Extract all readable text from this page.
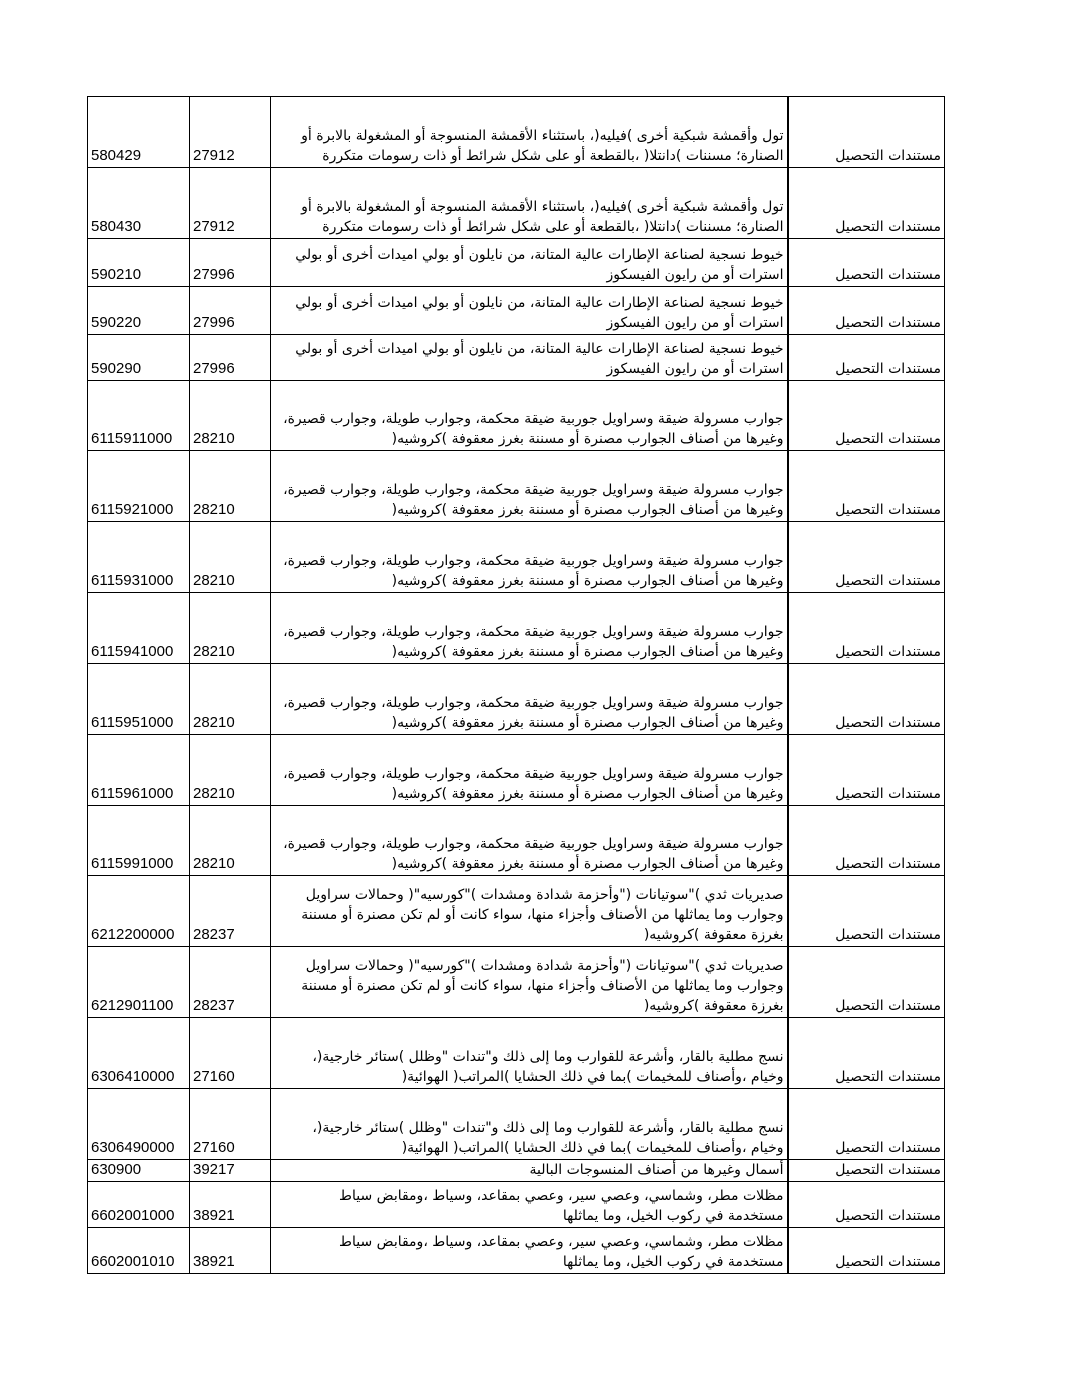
580429	27912	تول وأقمشة شبكية أخرى )فيليه(، باستثناء الأقمشة المنسوجة أو المشغولة بالابرة أو
الصنارة؛ مسننات )دانتلا( ،بالقطعة أو على شكل شرائط أو ذات رسومات متكررة	مستندات التحصيل
580430	27912	تول وأقمشة شبكية أخرى )فيليه(، باستثناء الأقمشة المنسوجة أو المشغولة بالابرة أو
الصنارة؛ مسننات )دانتلا( ،بالقطعة أو على شكل شرائط أو ذات رسومات متكررة	مستندات التحصيل
590210	27996	خيوط نسجية لصناعة الإطارات عالية المتانة، من نايلون أو بولي اميدات أخرى أو بولي
استرات أو من رايون الفيسكوز	مستندات التحصيل
590220	27996	خيوط نسجية لصناعة الإطارات عالية المتانة، من نايلون أو بولي اميدات أخرى أو بولي
استرات أو من رايون الفيسكوز	مستندات التحصيل
590290	27996	خيوط نسجية لصناعة الإطارات عالية المتانة، من نايلون أو بولي اميدات أخرى أو بولي
استرات أو من رايون الفيسكوز	مستندات التحصيل
6115911000	28210	جوارب مسرولة ضيقة وسراويل جوربية ضيقة محكمة، وجوارب طويلة، وجوارب قصيرة،
وغيرها من أصناف الجوارب مصنرة أو مسننة بغرز معقوفة )كروشيه(	مستندات التحصيل
6115921000	28210	جوارب مسرولة ضيقة وسراويل جوربية ضيقة محكمة، وجوارب طويلة، وجوارب قصيرة،
وغيرها من أصناف الجوارب مصنرة أو مسننة بغرز معقوفة )كروشيه(	مستندات التحصيل
6115931000	28210	جوارب مسرولة ضيقة وسراويل جوربية ضيقة محكمة، وجوارب طويلة، وجوارب قصيرة،
وغيرها من أصناف الجوارب مصنرة أو مسننة بغرز معقوفة )كروشيه(	مستندات التحصيل
6115941000	28210	جوارب مسرولة ضيقة وسراويل جوربية ضيقة محكمة، وجوارب طويلة، وجوارب قصيرة،
وغيرها من أصناف الجوارب مصنرة أو مسننة بغرز معقوفة )كروشيه(	مستندات التحصيل
6115951000	28210	جوارب مسرولة ضيقة وسراويل جوربية ضيقة محكمة، وجوارب طويلة، وجوارب قصيرة،
وغيرها من أصناف الجوارب مصنرة أو مسننة بغرز معقوفة )كروشيه(	مستندات التحصيل
6115961000	28210	جوارب مسرولة ضيقة وسراويل جوربية ضيقة محكمة، وجوارب طويلة، وجوارب قصيرة،
وغيرها من أصناف الجوارب مصنرة أو مسننة بغرز معقوفة )كروشيه(	مستندات التحصيل
6115991000	28210	جوارب مسرولة ضيقة وسراويل جوربية ضيقة محكمة، وجوارب طويلة، وجوارب قصيرة،
وغيرها من أصناف الجوارب مصنرة أو مسننة بغرز معقوفة )كروشيه(	مستندات التحصيل
6212200000	28237	صديريات ثدي )"سوتيانات ("وأحزمة شدادة ومشدات )"كورسيه"( وحمالات سراويل
وجوارب وما يماثلها من الأصناف وأجزاء منها، سواء كانت أو لم تكن مصنرة أو مسننة
بغرزة معقوفة )كروشيه(	مستندات التحصيل
6212901100	28237	صديريات ثدي )"سوتيانات ("وأحزمة شدادة ومشدات )"كورسيه"( وحمالات سراويل
وجوارب وما يماثلها من الأصناف وأجزاء منها، سواء كانت أو لم تكن مصنرة أو مسننة
بغرزة معقوفة )كروشيه(	مستندات التحصيل
6306410000	27160	نسج مطلية بالقار، وأشرعة للقوارب وما إلى ذلك و"تندات "وظلل )ستائر خارجية(،
وخيام ،وأصناف للمخيمات )بما في ذلك الحشايا )المراتب( الهوائية(	مستندات التحصيل
6306490000	27160	نسج مطلية بالقار، وأشرعة للقوارب وما إلى ذلك و"تندات "وظلل )ستائر خارجية(،
وخيام ،وأصناف للمخيمات )بما في ذلك الحشايا )المراتب( الهوائية(	مستندات التحصيل
630900	39217	أسمال وغيرها من أصناف المنسوجات البالية	مستندات التحصيل
6602001000	38921	مظلات مطر، وشماسي، وعصي سير، وعصي بمقاعد، وسياط ،ومقابض سياط
مستخدمة في ركوب الخيل، وما يماثلها	مستندات التحصيل
6602001010	38921	مظلات مطر، وشماسي، وعصي سير، وعصي بمقاعد، وسياط ،ومقابض سياط
مستخدمة في ركوب الخيل، وما يماثلها	مستندات التحصيل
